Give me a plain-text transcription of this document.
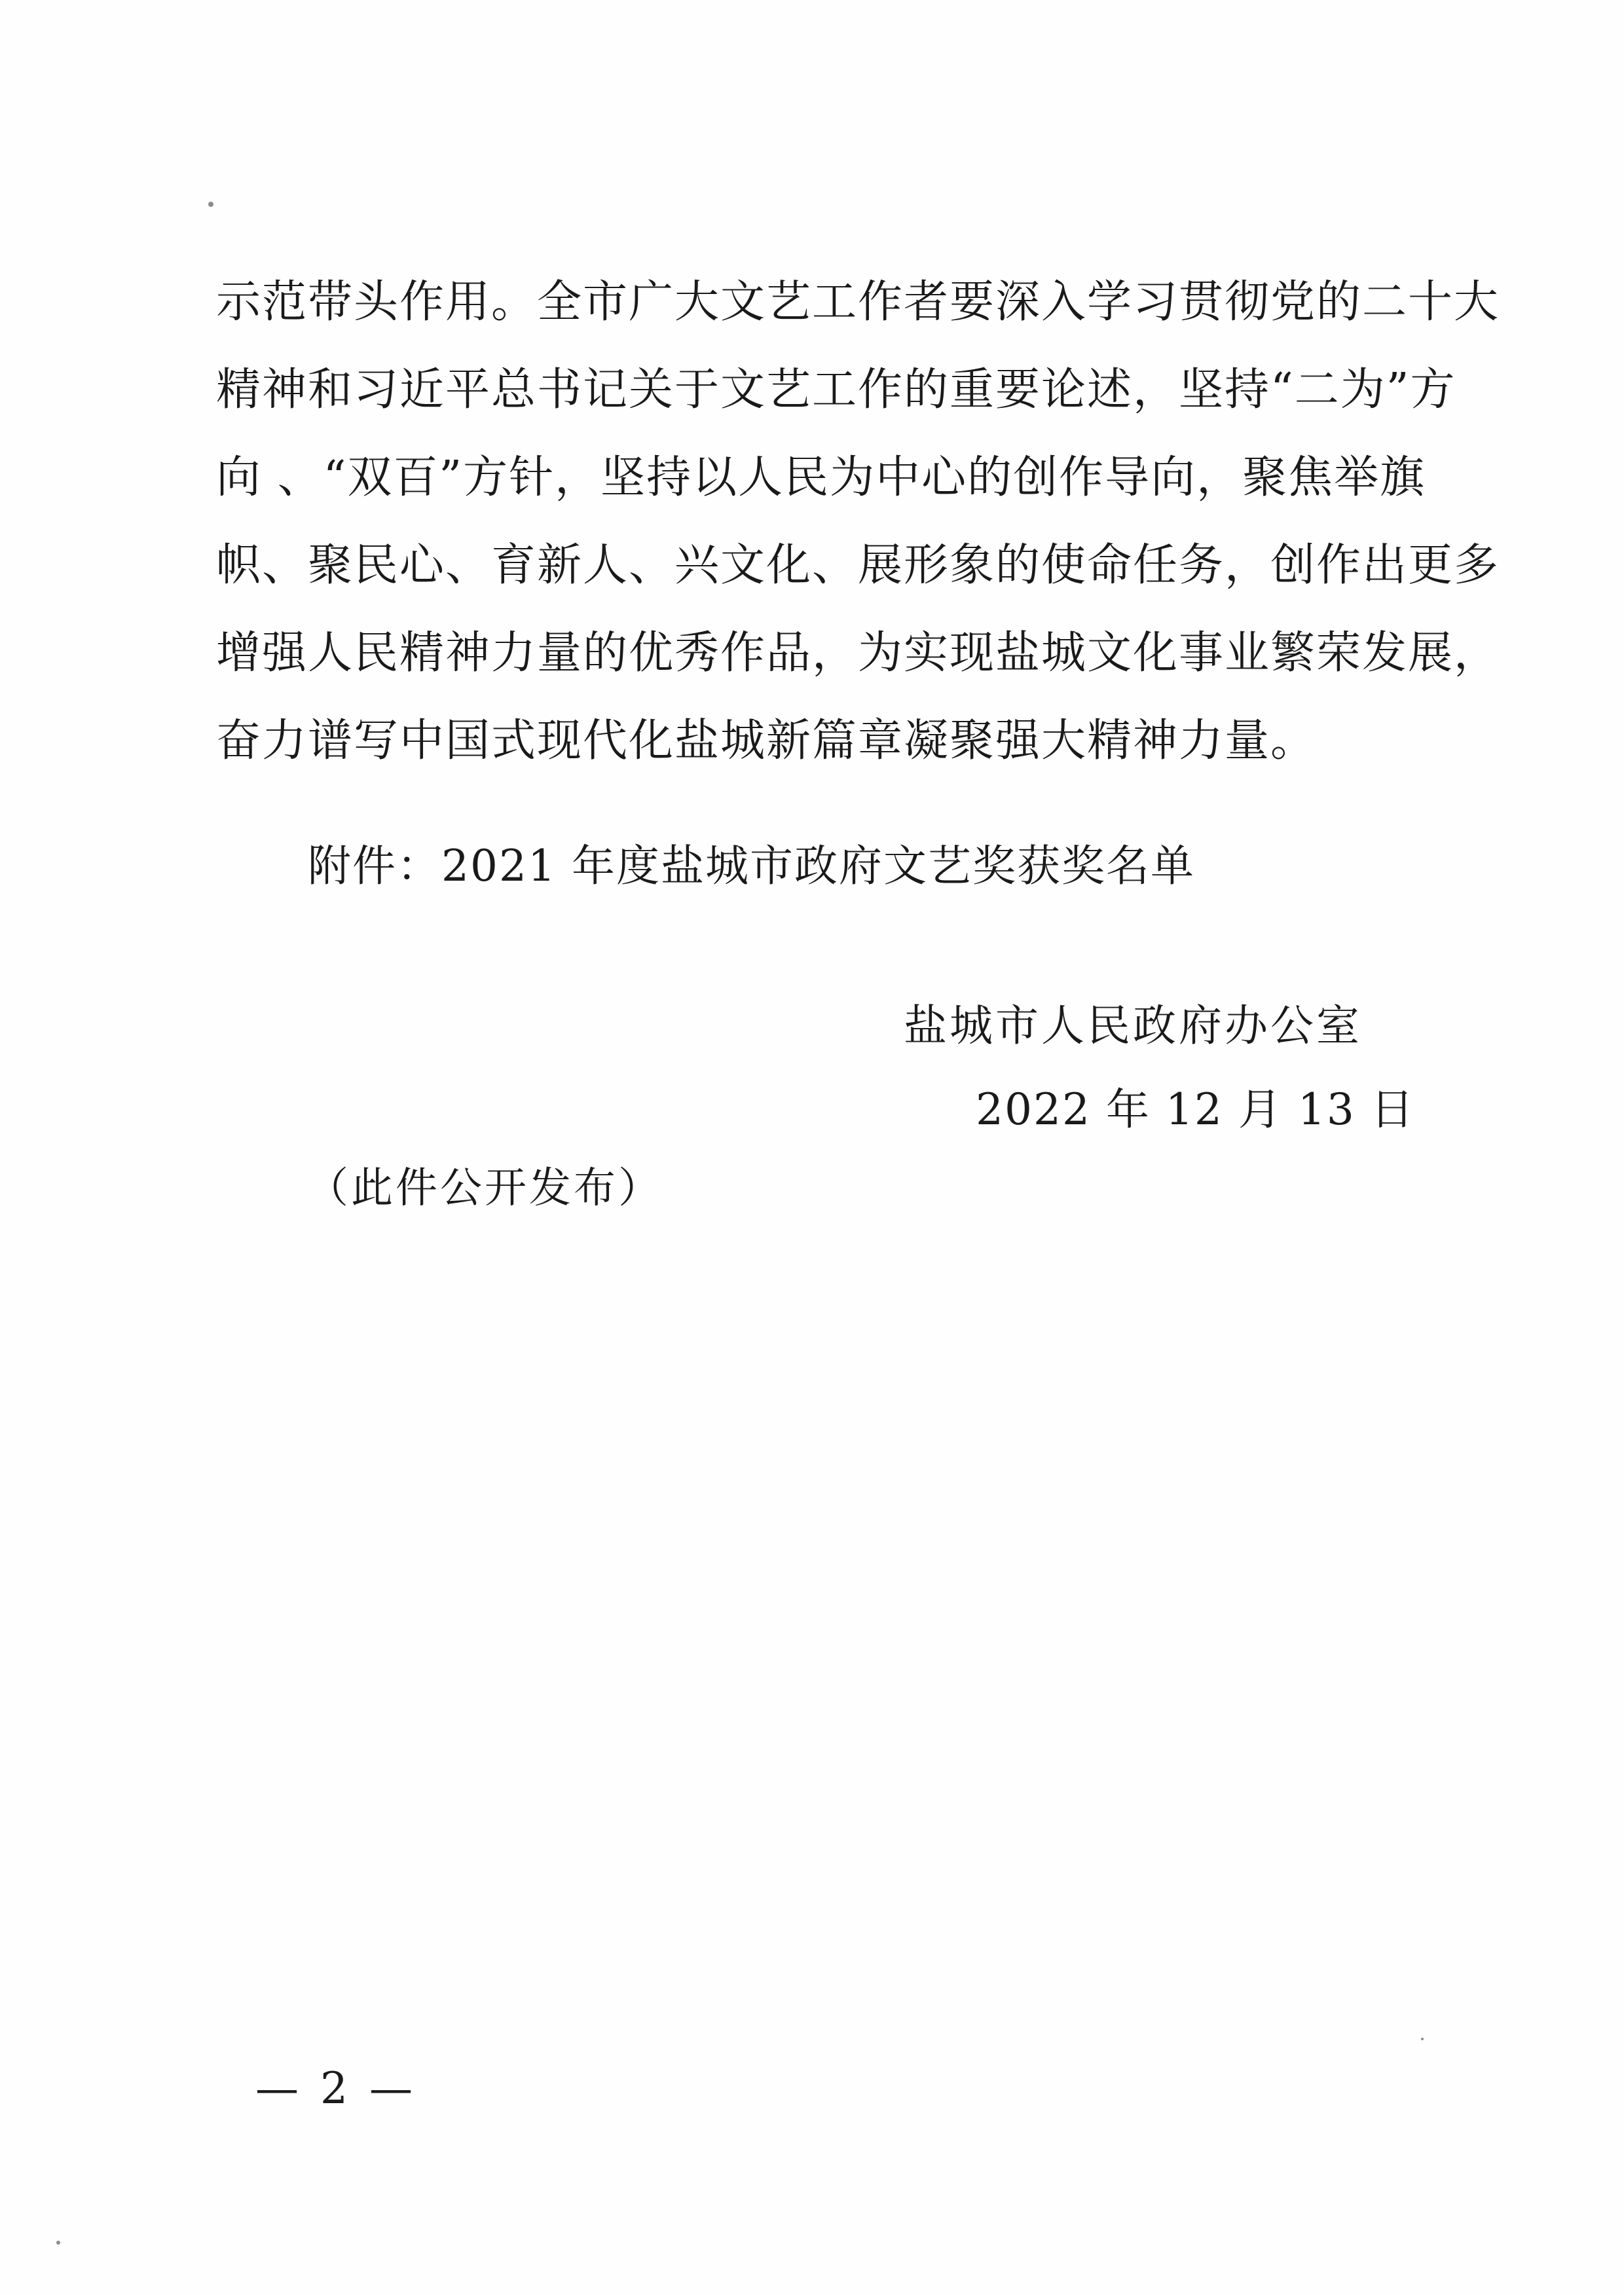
示范带头作用。全市广大文艺工作者要深入学习贯彻党的二十大
精神和习近平总书记关于文艺工作的重要论述，坚持“二为”方
向 、“双百”方针，坚持以人民为中心的创作导向，聚焦举旗
帜、聚民心、育新人、兴文化、展形象的使命任务，创作出更多
增强人民精神力量的优秀作品，为实现盐城文化事业繁荣发展，
奋力谱写中国式现代化盐城新篇章凝聚强大精神力量。
附件：2021 年度盐城市政府文艺奖获奖名单
盐城市人民政府办公室
2022 年 12 月 13 日
（此件公开发布）
— 2 —
